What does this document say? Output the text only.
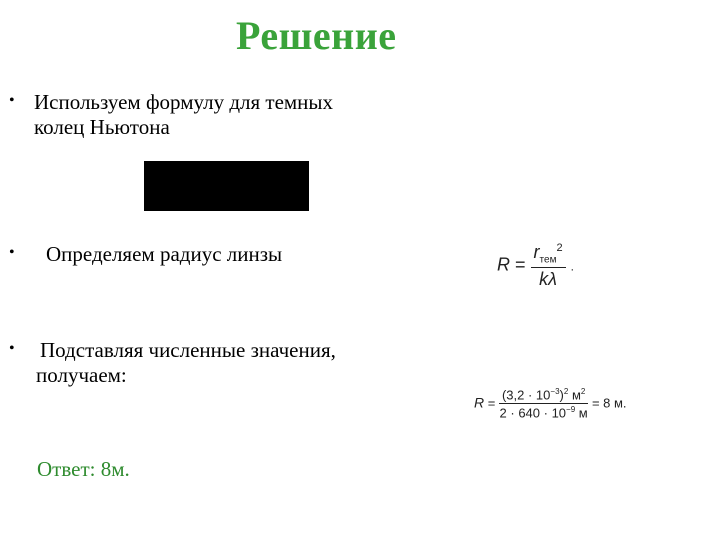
Решение
• Используем формулу для темных
колец Ньютона
• Определяем радиус линзы	$R = \frac{r_{тем}^2}{k\lambda}$ .
• Подставляя численные значения,
получаем:
$R = \frac{(3,2 \cdot 10^{-3})^2 м^2}{2 \cdot 640 \cdot 10^{-9} м} = 8$ м.
Ответ: 8м.
